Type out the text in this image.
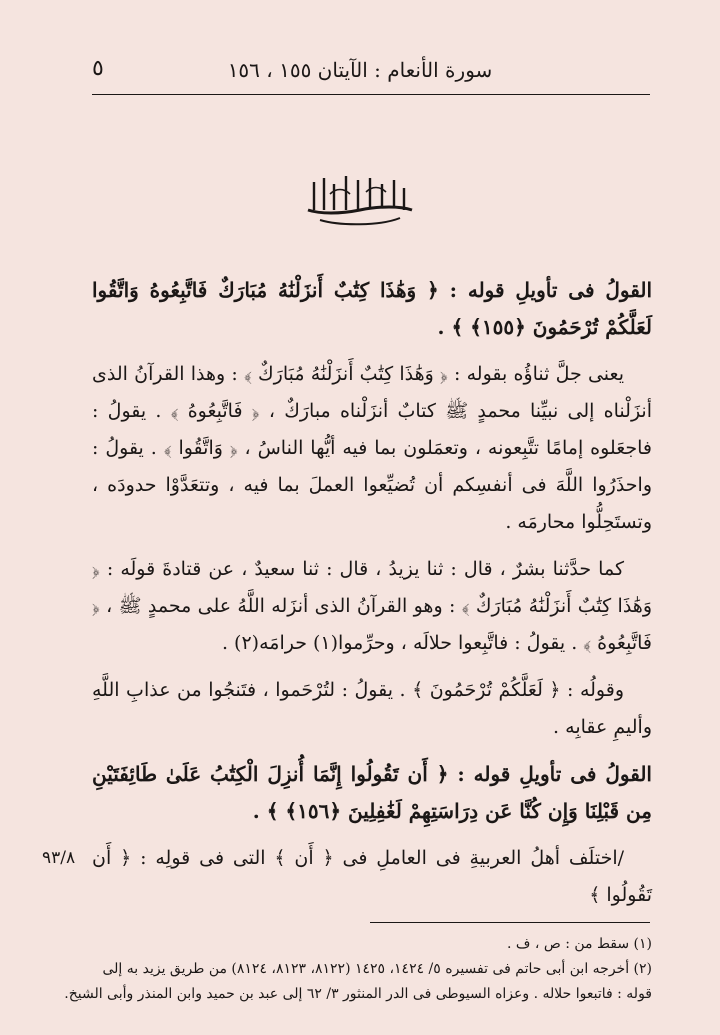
٥	سورة الأنعام : الآيتان ١٥٥ ، ١٥٦

القولُ فى تأويلِ قوله : ﴿ وَهَٰذَا كِتَٰبٌ أَنزَلْنَٰهُ مُبَارَكٌ فَاتَّبِعُوهُ وَاتَّقُوا لَعَلَّكُمْ تُرْحَمُونَ ﴿١٥٥﴾ ﴾ .

يعنى جلَّ ثناؤُه بقوله : ﴿ وَهَٰذَا كِتَٰبٌ أَنزَلْنَٰهُ مُبَارَكٌ ﴾ : وهذا القرآنُ الذى أنزَلْناه إلى نبيِّنا محمدٍ ﷺ كتابٌ أنزَلْناه مبارَكٌ ، ﴿ فَاتَّبِعُوهُ ﴾ . يقولُ : فاجعَلوه إمامًا تتَّبِعونه ، وتعمَلون بما فيه أيُّها الناسُ ، ﴿ وَاتَّقُوا ﴾ . يقولُ : واحذَرُوا اللَّهَ فى أنفسِكم أن تُضيِّعوا العملَ بما فيه ، وتتعَدَّوْا حدودَه ، وتستَحِلُّوا محارمَه .

كما حدَّثنا بشرٌ ، قال : ثنا يزيدُ ، قال : ثنا سعيدٌ ، عن قتادةَ قولَه : ﴿ وَهَٰذَا كِتَٰبٌ أَنزَلْنَٰهُ مُبَارَكٌ ﴾ : وهو القرآنُ الذى أنزَله اللَّهُ على محمدٍ ﷺ ، ﴿ فَاتَّبِعُوهُ ﴾ . يقولُ : فاتَّبِعوا حلالَه ، وحرِّموا(١) حرامَه(٢) .

وقولُه : ﴿ لَعَلَّكُمْ تُرْحَمُونَ ﴾ . يقولُ : لتُرْحَموا ، فتَنجُوا من عذابِ اللَّهِ وأليمِ عقابِه .

القولُ فى تأويلِ قوله : ﴿ أَن تَقُولُوا إِنَّمَا أُنزِلَ الْكِتَٰبُ عَلَىٰ طَائِفَتَيْنِ مِن قَبْلِنَا وَإِن كُنَّا عَن دِرَاسَتِهِمْ لَغَٰفِلِينَ ﴿١٥٦﴾ ﴾ .

/اختلَف أهلُ العربيةِ فى العاملِ فى ﴿ أَن ﴾ التى فى قولِه : ﴿ أَن تَقُولُوا ﴾

٩٣/٨

(١) سقط من : ص ، ف .

(٢) أخرجه ابن أبى حاتم فى تفسيره ٥/ ١٤٢٤، ١٤٢٥ (٨١٢٢، ٨١٢٣، ٨١٢٤) من طريق يزيد به إلى

قوله : فاتبعوا حلاله . وعزاه السيوطى فى الدر المنثور ٣/ ٦٢ إلى عبد بن حميد وابن المنذر وأبى الشيخ.
